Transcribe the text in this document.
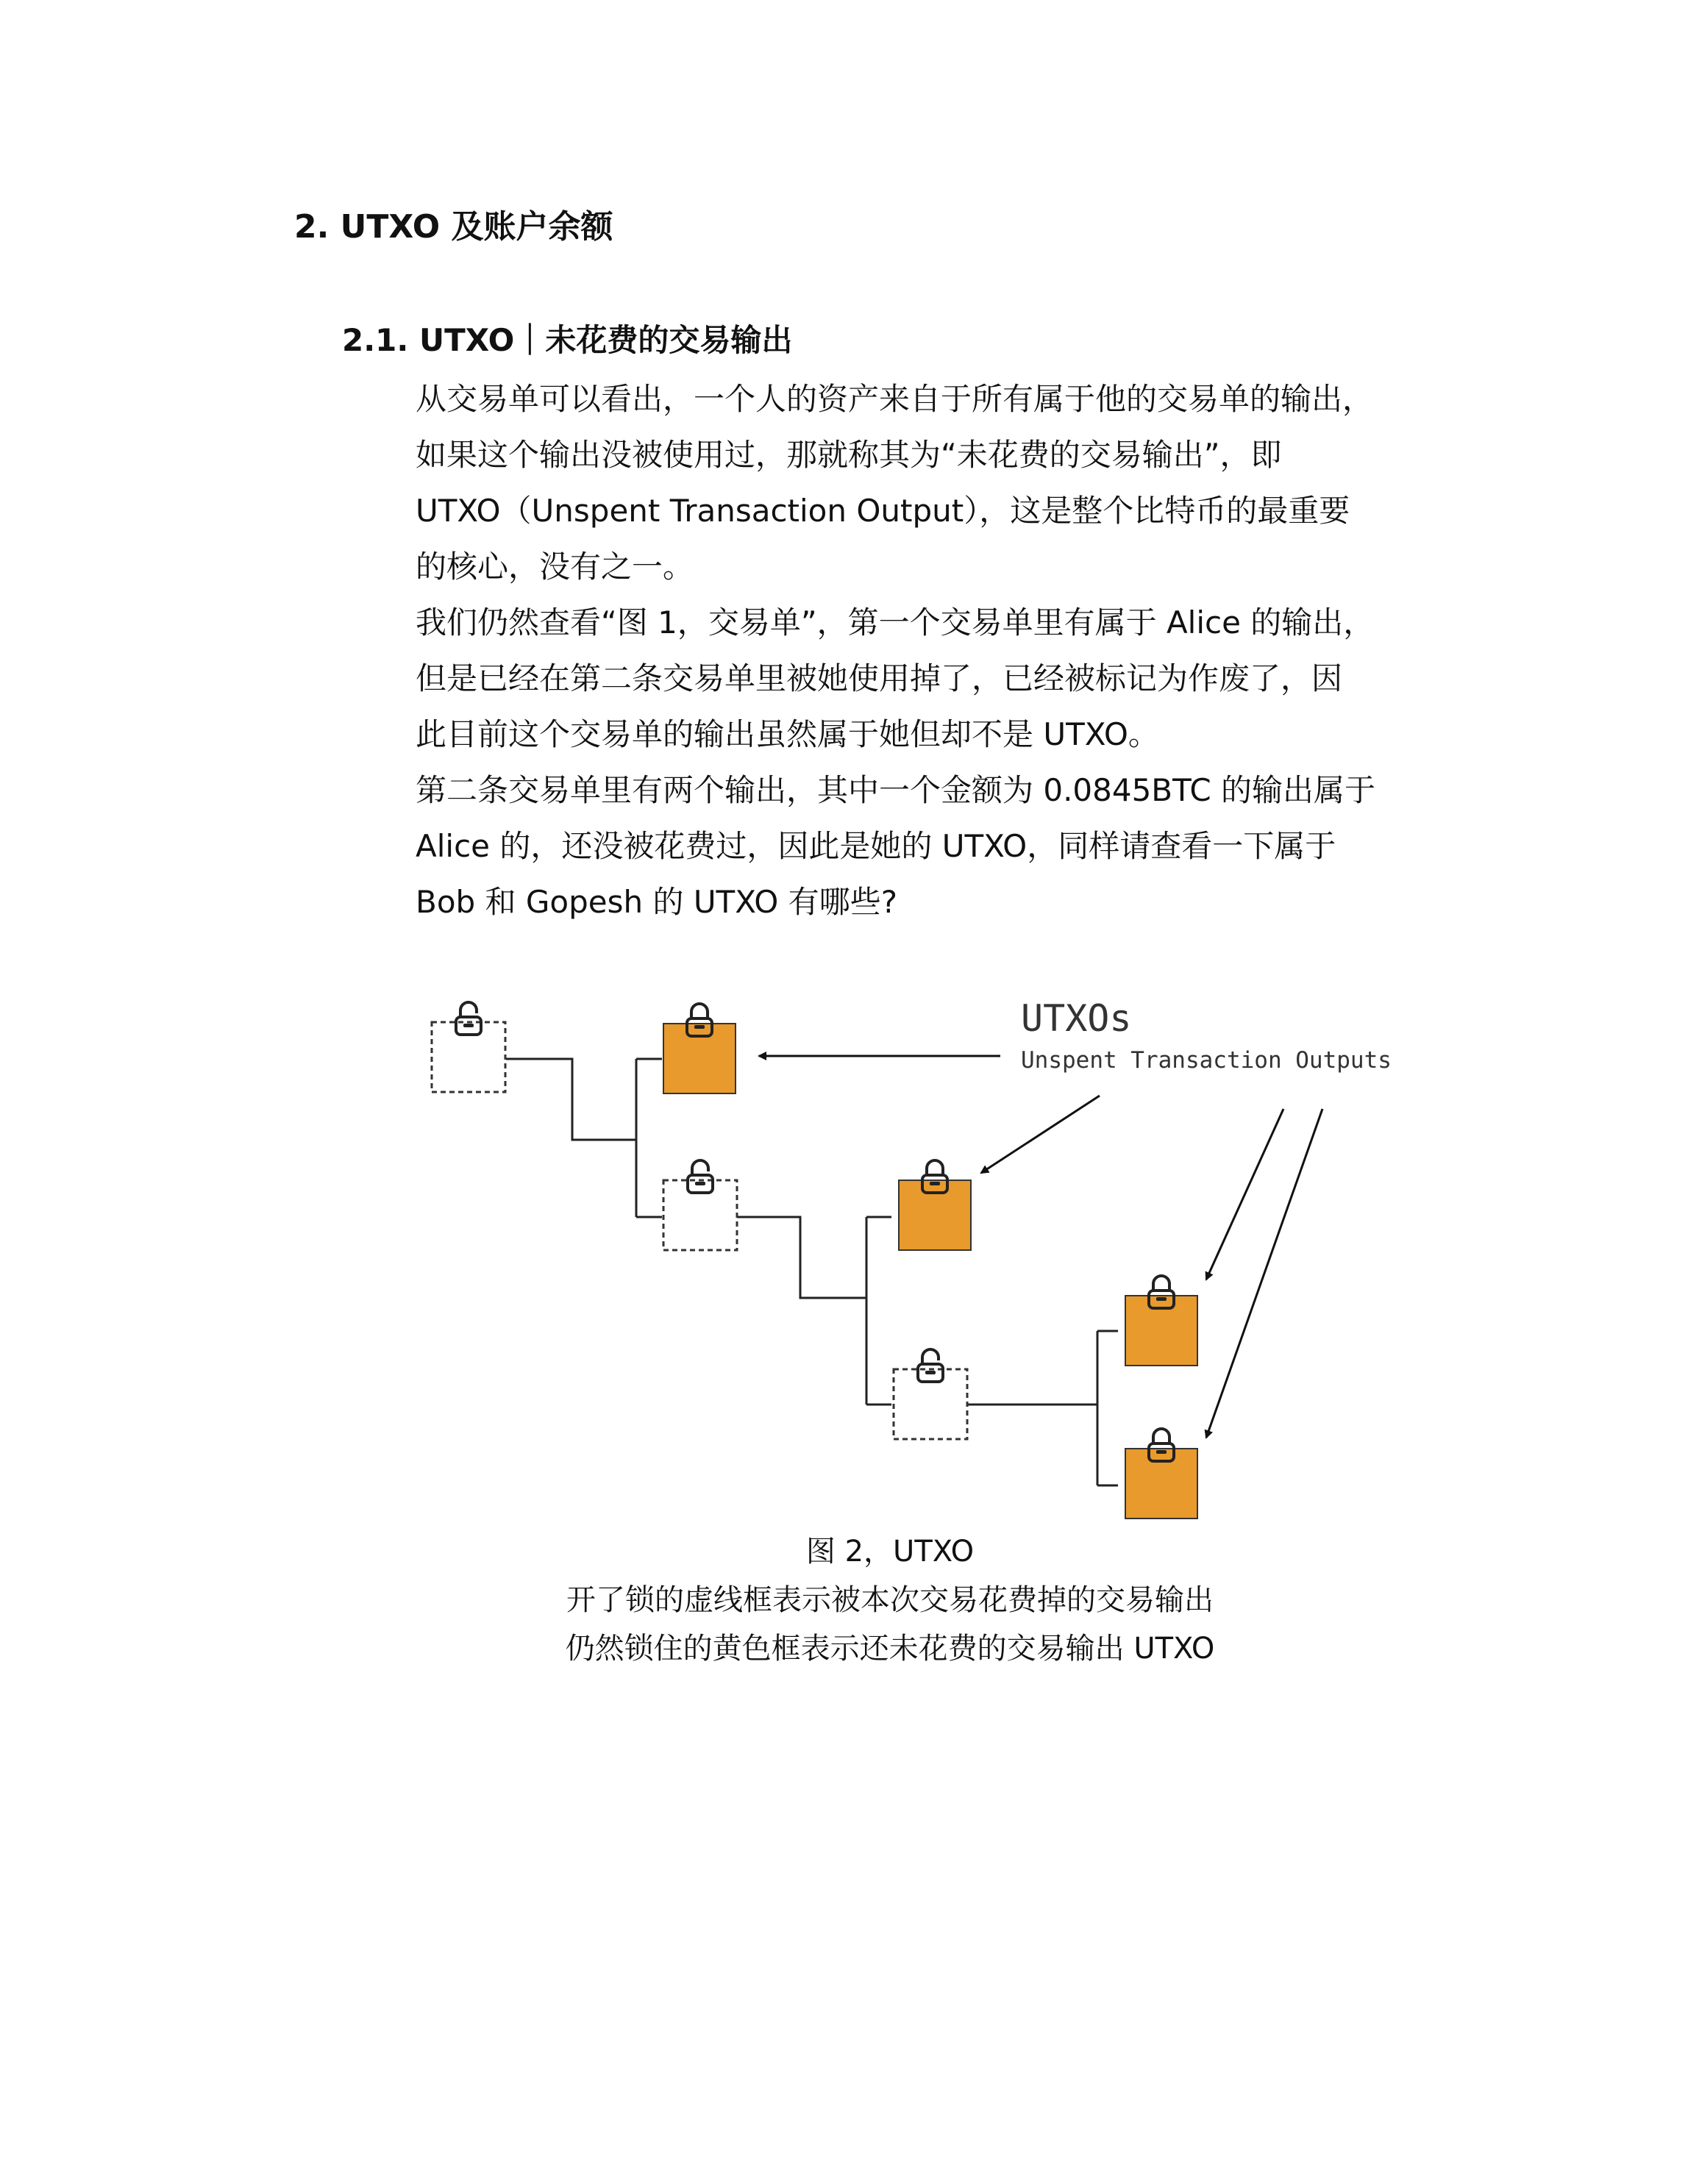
2. UTXO 及账户余额
2.1. UTXO｜未花费的交易输出

从交易单可以看出，一个人的资产来自于所有属于他的交易单的输出，

如果这个输出没被使用过，那就称其为“未花费的交易输出”，即

UTXO（Unspent Transaction Output），这是整个比特币的最重要

的核心，没有之一。

我们仍然查看“图 1，交易单”，第一个交易单里有属于 Alice 的输出，

但是已经在第二条交易单里被她使用掉了，已经被标记为作废了，因

此目前这个交易单的输出虽然属于她但却不是 UTXO。

第二条交易单里有两个输出，其中一个金额为 0.0845BTC 的输出属于

Alice 的，还没被花费过，因此是她的 UTXO，同样请查看一下属于

Bob 和 Gopesh 的 UTXO 有哪些?

UTXOs
Unspent Transaction Outputs
图 2，UTXO
开了锁的虚线框表示被本次交易花费掉的交易输出
仍然锁住的黄色框表示还未花费的交易输出 UTXO
